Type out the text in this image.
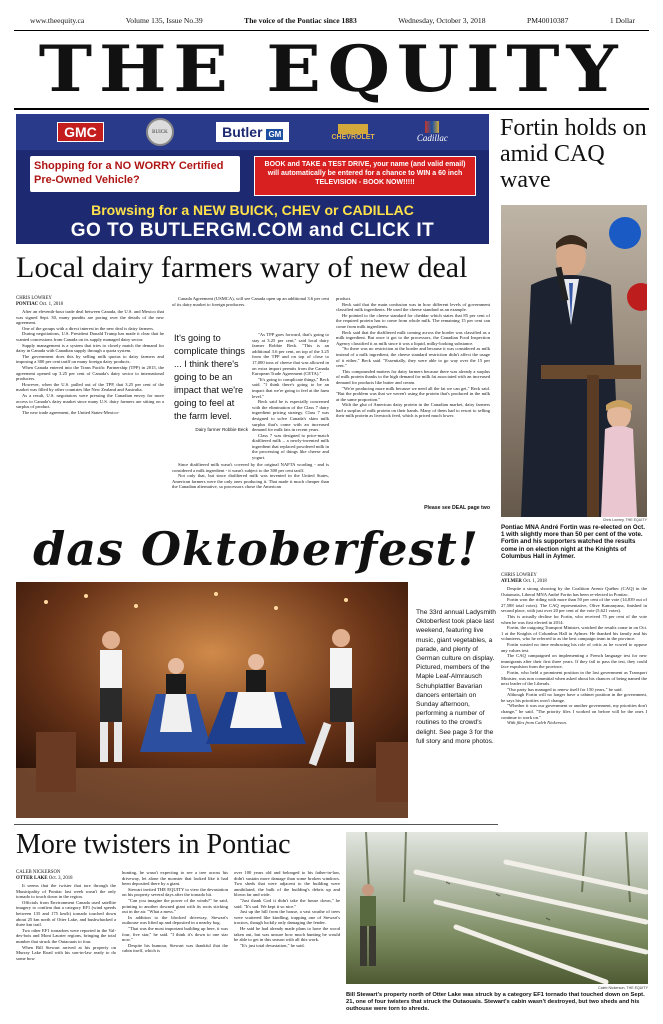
www.theequity.ca	Volume 135, Issue No.39	The voice of the Pontiac since 1883	Wednesday, October 3, 2018	PM40010387	1 Dollar
THE EQUITY
GMC	BUICK	Butler GM	CHEVROLET	Cadillac
Shopping for a NO WORRY Certified Pre-Owned Vehicle?
BOOK and TAKE a TEST DRIVE, your name (and valid email) will automatically be entered for a chance to WIN a 60 inch TELEVISION - BOOK NOW!!!!!
Browsing for a NEW BUICK, CHEV or CADILLAC
GO TO BUTLERGM.COM and CLICK IT
Fortin holds on amid CAQ wave
Chris Lowrey, THE EQUITY
Pontiac MNA André Fortin was re-elected on Oct. 1 with slightly more than 50 per cent of the vote. Fortin and his supporters watched the results come in on election night at the Knights of Columbus Hall in Aylmer.
CHRIS LOWREY
AYLMER Oct. 1, 2018

Despite a strong showing by the Coalition Avenir Québec (CAQ) in the Outaouais, Liberal MNA André Fortin has been re-elected in Pontiac.

Fortin won the riding with more than 50 per cent of the vote (14,839 out of 27,588 total votes). The CAQ representative, Olive Kamanyana, finished in second place, with just over 20 per cent of the vote (5,621 votes).

This is actually decline for Fortin, who received 75 per cent of the vote when he was first elected in 2014.

Fortin, the outgoing Transport Minister, watched the results come in on Oct. 1 at the Knights of Columbus Hall in Aylmer. He thanked his family and his volunteers, who he referred to as the best campaign team in the province.

Fortin wasted no time embracing his role of critic as he vowed to oppose any values test.

The CAQ campaigned on implementing a French language test for new immigrants after their first three years. If they fail to pass the test, they could face expulsion from the province.

Fortin, who held a prominent position in the last government as Transport Minister, was non committal when asked about his chances of being named the next leader of the Liberals.

"Our party has managed to renew itself for 150 years," he said.

Although Fortin will no longer have a cabinet position in the government, he says his priorities won't change.

"Whether it was our government or another government, my priorities don't change," he said. "The priority files I worked on before will be the ones I continue to work on."

With files from Caleb Nickerson.

Local dairy farmers wary of new deal
CHRIS LOWREY
PONTIAC Oct. 1, 2018

After an eleventh-hour trade deal between Canada, the U.S. and Mexico that was signed Sept. 30, many pundits are poring over the details of the new agreement.

One of the groups with a direct interest in the new deal is dairy farmers.

During negotiations, U.S. President Donald Trump has made it clear that he wanted concessions from Canada on its supply managed dairy sector.

Supply management is a system that tries to closely match the demand for dairy in Canada with Canadian supply through a quota system.

The government does this by selling milk quotas to dairy farmers and imposing a 300 per cent tariff on many foreign dairy products.

When Canada entered into the Trans Pacific Partnership (TPP) in 2015, the agreement opened up 3.25 per cent of Canada's dairy sector to international producers.

However, when the U.S. pulled out of the TPP, that 3.25 per cent of the market was filled by other countries like New Zealand and Australia.

As a result, U.S. negotiators were pressing the Canadian envoy for more access to Canada's dairy market since many U.S. dairy farmers are sitting on a surplus of product.

The new trade agreement, the United States-Mexico-

Canada Agreement (USMCA), will see Canada open up an additional 3.6 per cent of its dairy market to foreign producers.

It's going to complicate things ... I think there's going to be an impact that we're going to feel at the farm level.
Dairy farmer Robbie Beck

"As TPP goes forward, that's going to stay at 3.25 per cent," said local dairy farmer Robbie Beck. "This is an additional 3.6 per cent, on top of the 3.25 from the TPP and on top of close to 17,000 tons of cheese that was allowed in on extra import permits from the Canada European Trade Agreement (CETA)."

"It's going to complicate things," Beck said. "I think there's going to be an impact that we're going to feel at the farm level."

Beck said he is especially concerned with the elimination of the Class 7 dairy ingredient pricing strategy. Class 7 was designed to solve Canada's skim milk surplus that's come with an increased demand for milk fats in recent years.

Class 7 was designed to price-match diafiltered milk – a newly-invented milk ingredient that replaced powdered milk in the processing of things like cheese and yogurt.

Since diafiltered milk wasn't covered by the original NAFTA wording - and is considered a milk ingredient - it wasn't subject to the 300 per cent tariff.

Not only that, but since diafiltered milk was invented in the United States, American farmers were the only ones producing it. That made it much cheaper than the Canadian alternative, so processors chose the American

product.

Beck said that the main confusion was in how different levels of government classified milk ingredients. He used the cheese standard as an example.

He pointed to the cheese standard for cheddar which states that 85 per cent of the required protein has to come from whole milk. The remaining 15 per cent can come from milk ingredients.

Beck said that the diafiltered milk coming across the border was classified as a milk ingredient. But once it got to the processors, the Canadian Food Inspection Agency classified it as milk since it was a liquid, milky-looking substance.

"So there was no restriction at the border and because it was considered as milk instead of a milk ingredient, the cheese standard restriction didn't affect the usage of it either," Beck said. "Essentially, they were able to go way over the 15 per cent."

This compounded matters for dairy farmers because there was already a surplus of milk protein thanks to the high demand for milk fat associated with an increased demand for products like butter and cream.

"We're producing more milk because we need all the fat we can get," Beck said. "But the problem was that we weren't using the protein that's produced in the milk at the same proportion."

With the glut of American dairy protein in the Canadian market, dairy farmers had a surplus of milk protein on their hands. Many of them had to resort to selling their milk protein as livestock feed, which is priced much lower.

Please see DEAL page two
das Oktoberfest!
The 33rd annual Ladysmith Oktoberfest took place last weekend, featuring live music, giant vegetables, a parade, and plenty of German culture on display. Pictured, members of the Maple Leaf-Almrausch Schuhplattler Bavarian dancers entertain on Sunday afternoon, performing a number of routines to the crowd's delight. See page 3 for the full story and more photos.
More twisters in Pontiac
CALEB NICKERSON
OTTER LAKE Oct. 3, 2018

It seems that the twister that tore through the Municipality of Pontiac last week wasn't the only tornado to touch down in the region.

Officials from Environment Canada used satellite imagery to confirm that a category EF1 (wind speeds between 135 and 175 km/h) tornado touched down about 25 km north of Otter Lake, and bushwhacked a three km trail.

Two other EF1 tornadoes were reported in the Val-des-bois and Mont Laurier regions, bringing the total number that struck the Outaouais to four.

When Bill Stewart arrived at his property on Murray Lake Road with his son-in-law ready to do some bow

hunting, he wasn't expecting to see a tree across his driveway, let alone the monster that looked like it had been deposited there by a giant.

Stewart invited THE EQUITY to view the devastation on his property several days after the tornado hit.

"Can you imagine the power of the winds?" he said, pointing to another downed giant with its roots sticking out in the air. "What a mess."

In addition to the blocked driveway, Stewart's outhouse was lifted up and deposited in a nearby bog.

"That was the most important building up here, it was four, five star," he said. "I think it's down to one star now."

Despite his humour, Stewart was thankful that the cabin itself, which is

over 100 years old and belonged to his father-in-law, didn't sustain more damage than some broken windows. Two sheds that were adjacent to the building were annihilated, the bulk of the building's debris up and blown far and wide.

"Just thank God it didn't take the house down," he said. "It's sad. We kept it so nice."

Just up the hill from the house, a vast swathe of trees were scattered like kindling, trapping one of Stewart's tractors, though luckily only damaging the fender.

He said he had already made plans to have the wood taken out, but was unsure how much hunting he would be able to get in this season with all this work.

"It's just total devastation," he said.

Caleb Nickerson, THE EQUITY
Bill Stewart's property north of Otter Lake was struck by a category EF1 tornado that touched down on Sept. 21, one of four twisters that struck the Outaouais. Stewart's cabin wasn't destroyed, but two sheds and his outhouse were torn to shreds.
